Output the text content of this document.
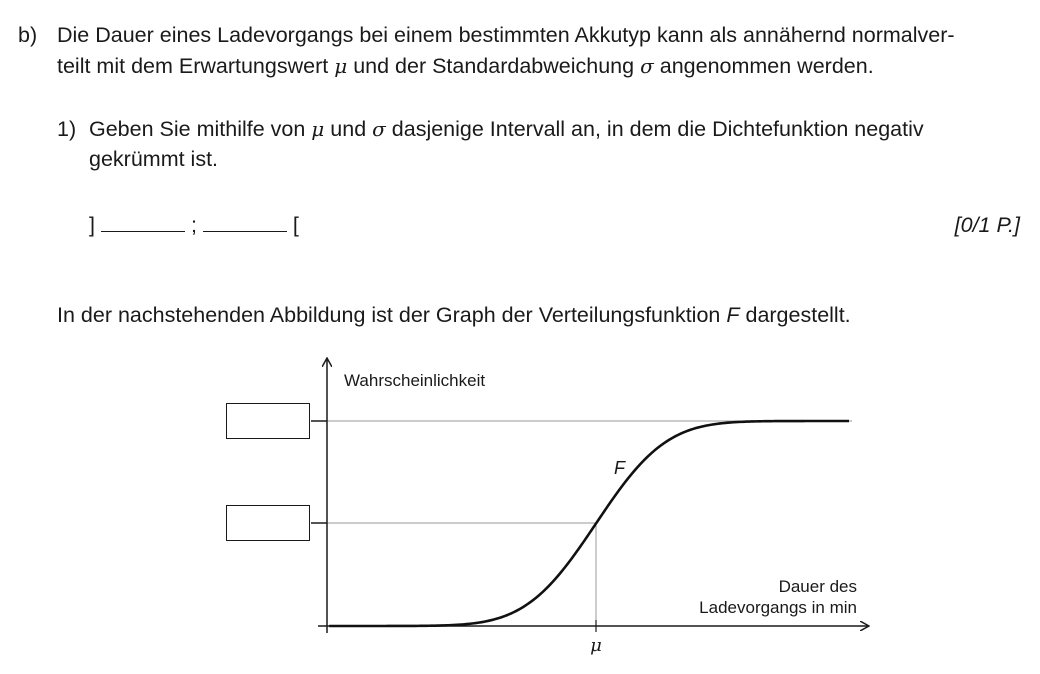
b) Die Dauer eines Ladevorgangs bei einem bestimmten Akkutyp kann als annähernd normalver-
teilt mit dem Erwartungswert μ und der Standardabweichung σ angenommen werden.
1) Geben Sie mithilfe von μ und σ dasjenige Intervall an, in dem die Dichtefunktion negativ
gekrümmt ist.
]	;	[	[0/1 P.]
In der nachstehenden Abbildung ist der Graph der Verteilungsfunktion F dargestellt.
Wahrscheinlichkeit
F
Dauer des
Ladevorgangs in min
μ
